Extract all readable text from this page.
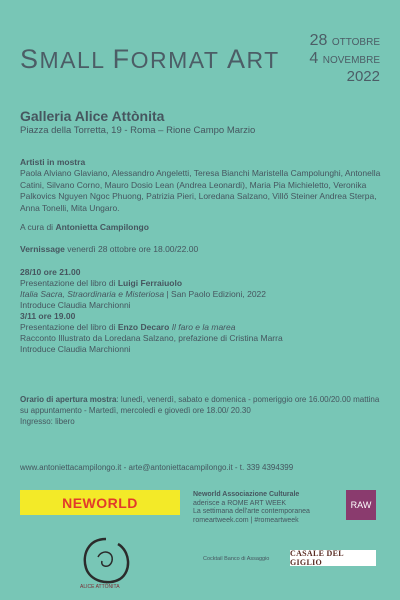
SMALL FORMAT ART
28 OTTOBRE
4 NOVEMBRE
2022
Galleria Alice Attònita
Piazza della Torretta, 19 - Roma – Rione Campo Marzio
Artisti in mostra
Paola Alviano Glaviano, Alessandro Angeletti, Teresa Bianchi Maristella Campolunghi, Antonella Catini, Silvano Corno, Mauro Dosio Lean (Andrea Leonardi), Maria Pia Michieletto, Veronika Palkovics Nguyen Ngoc Phuong, Patrizia Pieri, Loredana Salzano, Villő Steiner Andrea Sterpa, Anna Tonelli, Mita Ungaro.
A cura di Antonietta Campilongo
Vernissage venerdì 28 ottobre ore 18.00/22.00
28/10 ore 21.00
Presentazione del libro di Luigi Ferraiuolo
Italia Sacra, Straordinaria e Misteriosa | San Paolo Edizioni, 2022
Introduce Claudia Marchionni
3/11 ore 19.00
Presentazione del libro di Enzo Decaro Il faro e la marea
Racconto Illustrato da Loredana Salzano, prefazione di Cristina Marra
Introduce Claudia Marchionni
Orario di apertura mostra: lunedì, venerdì, sabato e domenica - pomeriggio ore 16.00/20.00 mattina su appuntamento - Martedì, mercoledì e giovedì ore 18.00/ 20.30
Ingresso: libero
www.antoniettacampilongo.it - arte@antoniettacampilongo.it - t. 339 4394399
NEWORLD	Neworld Associazione Culturale
aderisce a ROME ART WEEK
La settimana dell'arte contemporanea
romeartweek.com | #romeartweek
RAW
ALICE ATTÒNITA
Cocktail Banco di Assaggio
CASALE DEL GIGLIO
